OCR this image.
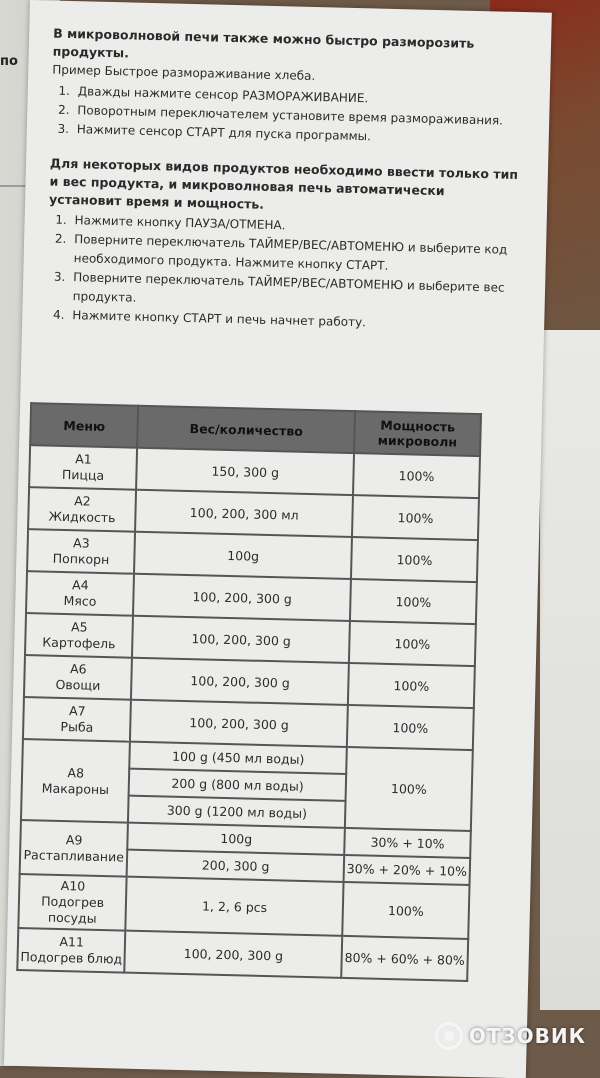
по
В микроволновой печи также можно быстро разморозить продукты.
Пример Быстрое размораживание хлеба.
1. Дважды нажмите сенсор РАЗМОРАЖИВАНИЕ.
2. Поворотным переключателем установите время размораживания.
3. Нажмите сенсор СТАРТ для пуска программы.
Для некоторых видов продуктов необходимо ввести только тип и вес продукта, и микроволновая печь автоматически установит время и мощность.
1. Нажмите кнопку ПАУЗА/ОТМЕНА.
2. Поверните переключатель ТАЙМЕР/ВЕС/АВТОМЕНЮ и выберите код необходимого продукта. Нажмите кнопку СТАРТ.
3. Поверните переключатель ТАЙМЕР/ВЕС/АВТОМЕНЮ и выберите вес продукта.
4. Нажмите кнопку СТАРТ и печь начнет работу.
Меню	Вес/количество	Мощность микроволн
A1
Пицца	150, 300 g	100%
A2
Жидкость	100, 200, 300 мл	100%
A3
Попкорн	100g	100%
A4
Мясо	100, 200, 300 g	100%
A5
Картофель	100, 200, 300 g	100%
A6
Овощи	100, 200, 300 g	100%
A7
Рыба	100, 200, 300 g	100%
A8
Макароны	100 g (450 мл воды)	100%
	200 g (800 мл воды)	
	300 g (1200 мл воды)	
A9
Растапливание	100g	30% + 10%
	200, 300 g	30% + 20% + 10%
A10
Подогрев посуды	1, 2, 6 pcs	100%
A11
Подогрев блюд	100, 200, 300 g	80% + 60% + 80%
ОТЗОВИК
